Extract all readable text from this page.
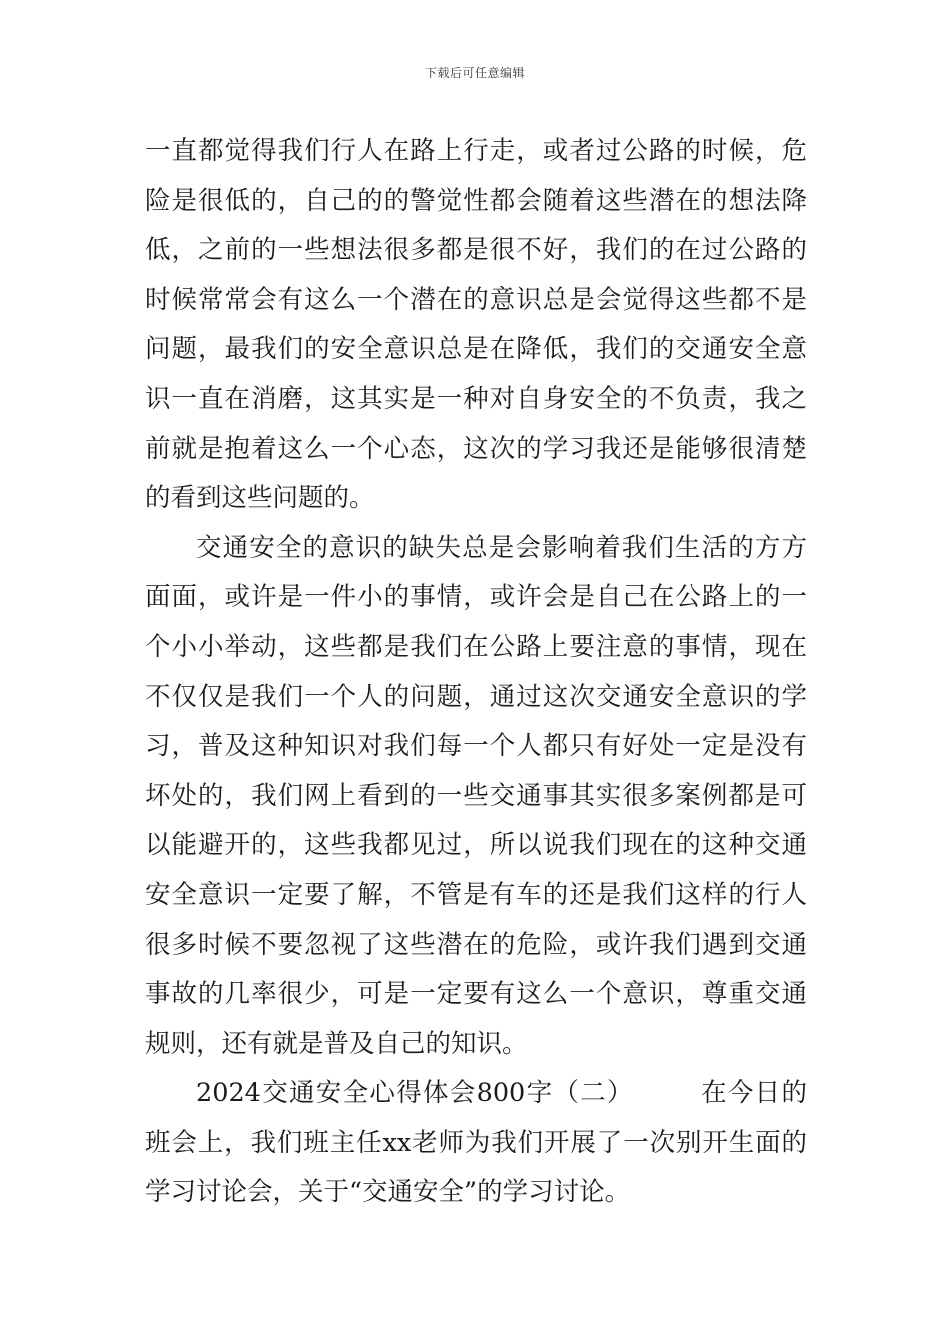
下载后可任意编辑

一直都觉得我们行人在路上行走，或者过公路的时候，危险是很低的，自己的的警觉性都会随着这些潜在的想法降低，之前的一些想法很多都是很不好，我们的在过公路的时候常常会有这么一个潜在的意识总是会觉得这些都不是问题，最我们的安全意识总是在降低，我们的交通安全意识一直在消磨，这其实是一种对自身安全的不负责，我之前就是抱着这么一个心态，这次的学习我还是能够很清楚的看到这些问题的。

交通安全的意识的缺失总是会影响着我们生活的方方面面，或许是一件小的事情，或许会是自己在公路上的一个小小举动，这些都是我们在公路上要注意的事情，现在不仅仅是我们一个人的问题，通过这次交通安全意识的学习，普及这种知识对我们每一个人都只有好处一定是没有坏处的，我们网上看到的一些交通事其实很多案例都是可以能避开的，这些我都见过，所以说我们现在的这种交通安全意识一定要了解，不管是有车的还是我们这样的行人很多时候不要忽视了这些潜在的危险，或许我们遇到交通事故的几率很少，可是一定要有这么一个意识，尊重交通规则，还有就是普及自己的知识。

2024交通安全心得体会800字（二）	在今日的班会上，我们班主任xx老师为我们开展了一次别开生面的学习讨论会，关于“交通安全”的学习讨论。
